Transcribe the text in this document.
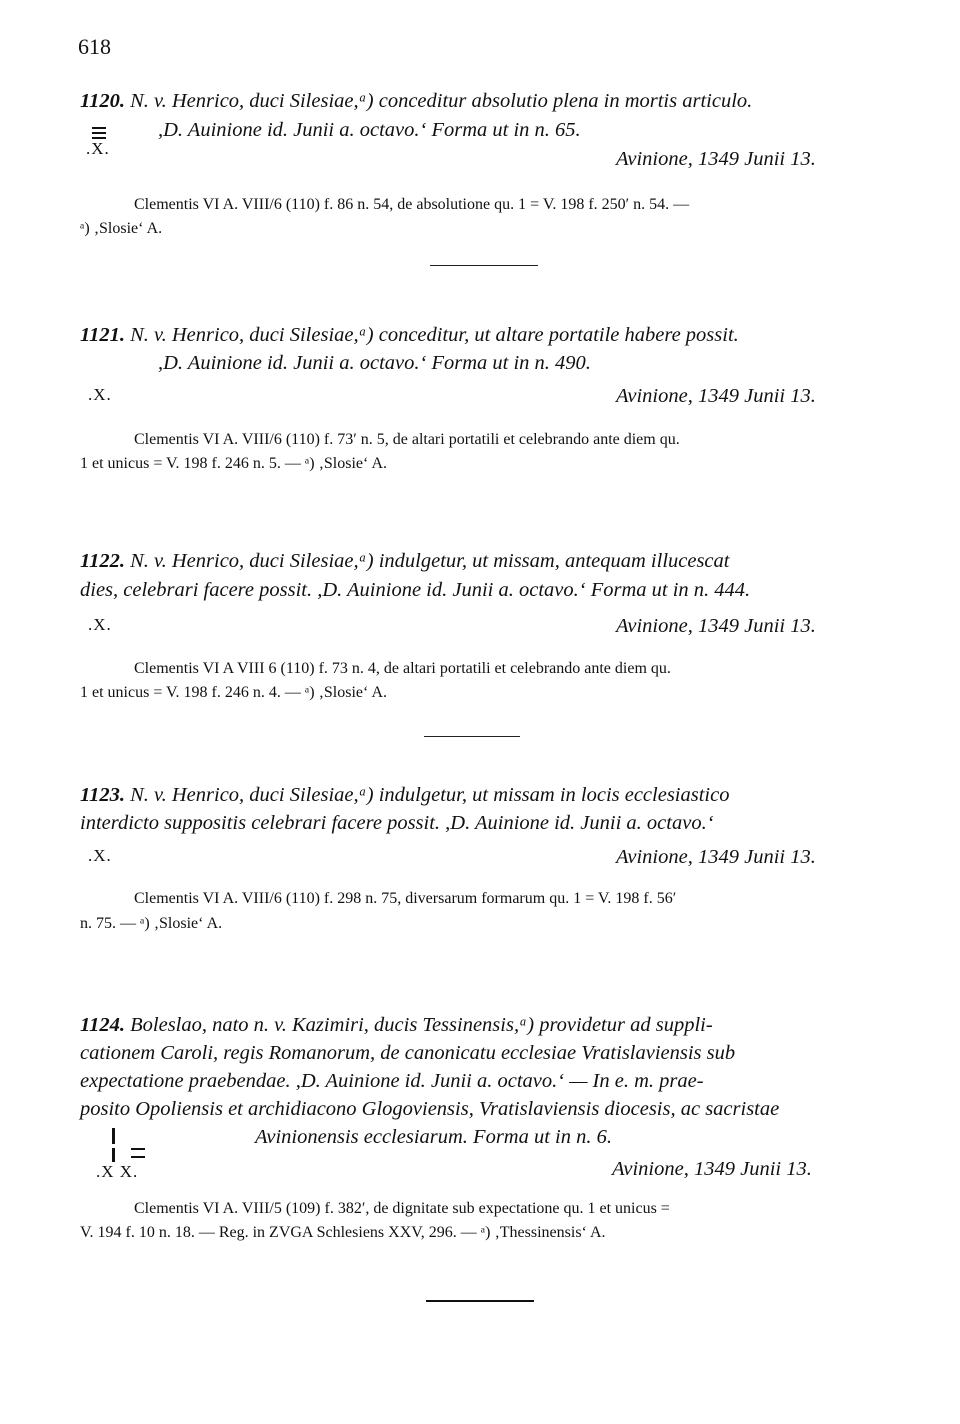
618
1120. N. v. Henrico, duci Silesiae,ᵃ) conceditur absolutio plena in mortis articulo.
,D. Auinione id. Junii a. octavo.‘ Forma ut in n. 65.
.X.	Avinione, 1349 Junii 13.
Clementis VI A. VIII/6 (110) f. 86 n. 54, de absolutione qu. 1 = V. 198 f. 250′ n. 54. —
ᵃ) ‚Slosie‘ A.
1121. N. v. Henrico, duci Silesiae,ᵃ) conceditur, ut altare portatile habere possit.
,D. Auinione id. Junii a. octavo.‘ Forma ut in n. 490.
.X.	Avinione, 1349 Junii 13.
Clementis VI A. VIII/6 (110) f. 73′ n. 5, de altari portatili et celebrando ante diem qu.
1 et unicus = V. 198 f. 246 n. 5. — ᵃ) ‚Slosie‘ A.
1122. N. v. Henrico, duci Silesiae,ᵃ) indulgetur, ut missam, antequam illucescat
dies, celebrari facere possit. ,D. Auinione id. Junii a. octavo.‘ Forma ut in n. 444.
.X.	Avinione, 1349 Junii 13.
Clementis VI A VIII 6 (110) f. 73 n. 4, de altari portatili et celebrando ante diem qu.
1 et unicus = V. 198 f. 246 n. 4. — ᵃ) ‚Slosie‘ A.
1123. N. v. Henrico, duci Silesiae,ᵃ) indulgetur, ut missam in locis ecclesiastico
interdicto suppositis celebrari facere possit. ,D. Auinione id. Junii a. octavo.‘
.X.	Avinione, 1349 Junii 13.
Clementis VI A. VIII/6 (110) f. 298 n. 75, diversarum formarum qu. 1 = V. 198 f. 56′
n. 75. — ᵃ) ‚Slosie‘ A.
1124. Boleslao, nato n. v. Kazimiri, ducis Tessinensis,ᵃ) providetur ad suppli-
cationem Caroli, regis Romanorum, de canonicatu ecclesiae Vratislaviensis sub
expectatione praebendae. ,D. Auinione id. Junii a. octavo.‘ — In e. m. prae-
posito Opoliensis et archidiacono Glogoviensis, Vratislaviensis diocesis, ac sacristae
Avinionensis ecclesiarum. Forma ut in n. 6.
.X X.	Avinione, 1349 Junii 13.
Clementis VI A. VIII/5 (109) f. 382′, de dignitate sub expectatione qu. 1 et unicus =
V. 194 f. 10 n. 18. — Reg. in ZVGA Schlesiens XXV, 296. — ᵃ) ‚Thessinensis‘ A.
